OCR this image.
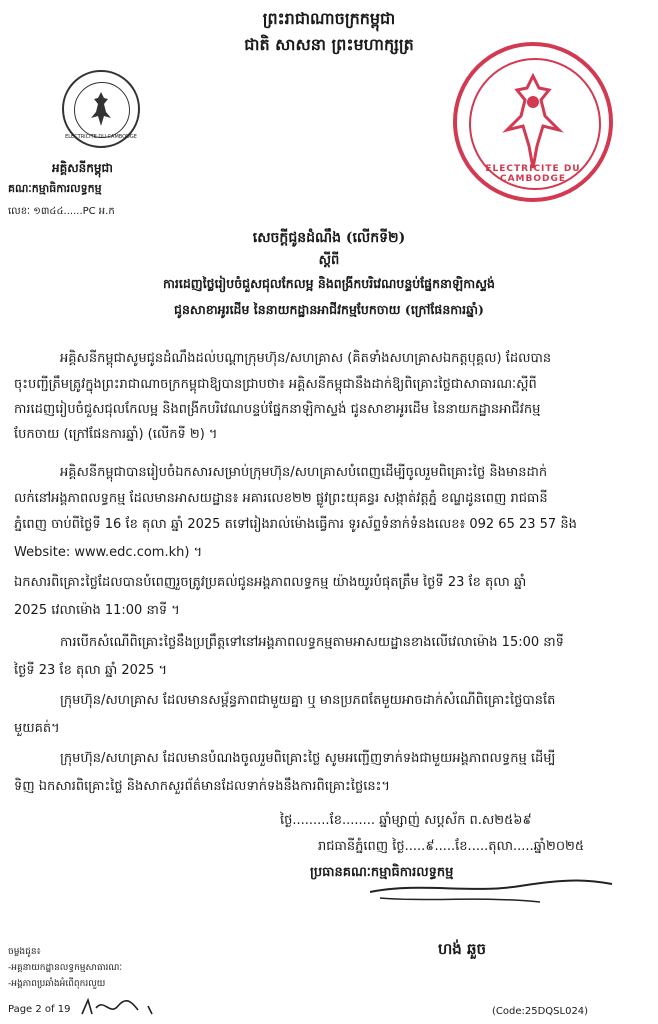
ព្រះរាជាណាចក្រកម្ពុជា
ជាតិ សាសនា ព្រះមហាក្សត្រ
ELECTRICITE DU CAMBODGE
ELECTRICITE DU CAMBODGE
អគ្គិសនីកម្ពុជា
គណៈកម្មាធិការលទ្ធកម្ម
លេខៈ ១៣៤៤......PC អ.ក
សេចក្ដីជូនដំណឹង (លើកទី២)
ស្ដីពី
ការដេញថ្លៃរៀបចំជួសជុលកែលម្អ និងពង្រីកបរិវេណបន្ទប់ផ្នែកនាឡិកាស្ទង់
ជូនសាខាអូរដើម នៃនាយកដ្ឋានអាជីវកម្មបែកចាយ (ក្រៅផែនការឆ្នាំ)
អគ្គិសនីកម្ពុជាសូមជូនដំណឹងដល់បណ្ដាក្រុមហ៊ុន/សហគ្រាស (គិតទាំងសហគ្រាសឯកត្តបុគ្គល) ដែលបាន
ចុះបញ្ជីត្រឹមត្រូវក្នុងព្រះរាជាណាចក្រកម្ពុជាឱ្យបានជ្រាបថា៖ អគ្គិសនីកម្ពុជានឹងដាក់ឱ្យពិគ្រោះថ្លៃជាសាធារណៈស្ដីពី
ការដេញរៀបចំជួសជុលកែលម្អ និងពង្រីកបរិវេណបន្ទប់ផ្នែកនាឡិកាស្ទង់ ជូនសាខាអូរដើម នៃនាយកដ្ឋានអាជីវកម្ម
បែកចាយ (ក្រៅផែនការឆ្នាំ) (លើកទី ២) ។
អគ្គិសនីកម្ពុជាបានរៀបចំឯកសារសម្រាប់ក្រុមហ៊ុន/សហគ្រាសបំពេញដើម្បីចូលរួមពិគ្រោះថ្លៃ និងមានដាក់
លក់នៅអង្គភាពលទ្ធកម្ម ដែលមានអាសយដ្ឋាន៖ អគារលេខ២២ ផ្លូវព្រះយុគន្ធរ សង្កាត់វត្តភ្នំ ខណ្ឌដូនពេញ រាជធានី
ភ្នំពេញ ចាប់ពីថ្ងៃទី 16 ខែ តុលា ឆ្នាំ 2025 តទៅរៀងរាល់ម៉ោងធ្វើការ ទូរស័ព្ទទំនាក់ទំនងលេខ៖ 092 65 23 57 និង
Website: www.edc.com.kh) ។
ឯកសារពិគ្រោះថ្លៃដែលបានបំពេញរួចត្រូវប្រគល់ជូនអង្គភាពលទ្ធកម្ម យ៉ាងយូរបំផុតត្រឹម ថ្ងៃទី 23 ខែ តុលា ឆ្នាំ
2025 វេលាម៉ោង 11:00 នាទី ។
ការបើកសំណើពិគ្រោះថ្លៃនឹងប្រព្រឹត្តទៅនៅអង្គភាពលទ្ធកម្មតាមអាសយដ្ឋានខាងលើវេលាម៉ោង 15:00 នាទី
ថ្ងៃទី 23 ខែ តុលា ឆ្នាំ 2025 ។
ក្រុមហ៊ុន/សហគ្រាស ដែលមានសម្ព័ន្ធភាពជាមួយគ្នា ឬ មានប្រភពតែមួយអាចដាក់សំណើពិគ្រោះថ្លៃបានតែ
មួយគត់។
ក្រុមហ៊ុន/សហគ្រាស ដែលមានបំណងចូលរួមពិគ្រោះថ្លៃ សូមអញ្ជើញទាក់ទងជាមួយអង្គភាពលទ្ធកម្ម ដើម្បី
ទិញ ឯកសារពិគ្រោះថ្លៃ និងសាកសួរព័ត៌មានដែលទាក់ទងនឹងការពិគ្រោះថ្លៃនេះ។
ថ្ងៃ.........ខែ........ ឆ្នាំម្សាញ់ សប្តស័ក ព.ស២៥៦៩
រាជធានីភ្នំពេញ ថ្ងៃ.....៩.....ខែ.....តុលា.....ឆ្នាំ២០២៥
ប្រធានគណៈកម្មាធិការលទ្ធកម្ម
ហង់ ឆួច
ចម្លងជូន៖
-អគ្គនាយកដ្ឋានលទ្ធកម្មសាធារណៈ
-អង្គភាពប្រឆាំងអំពើពុករលួយ
Page 2 of 19	(Code:25DQSL024)
